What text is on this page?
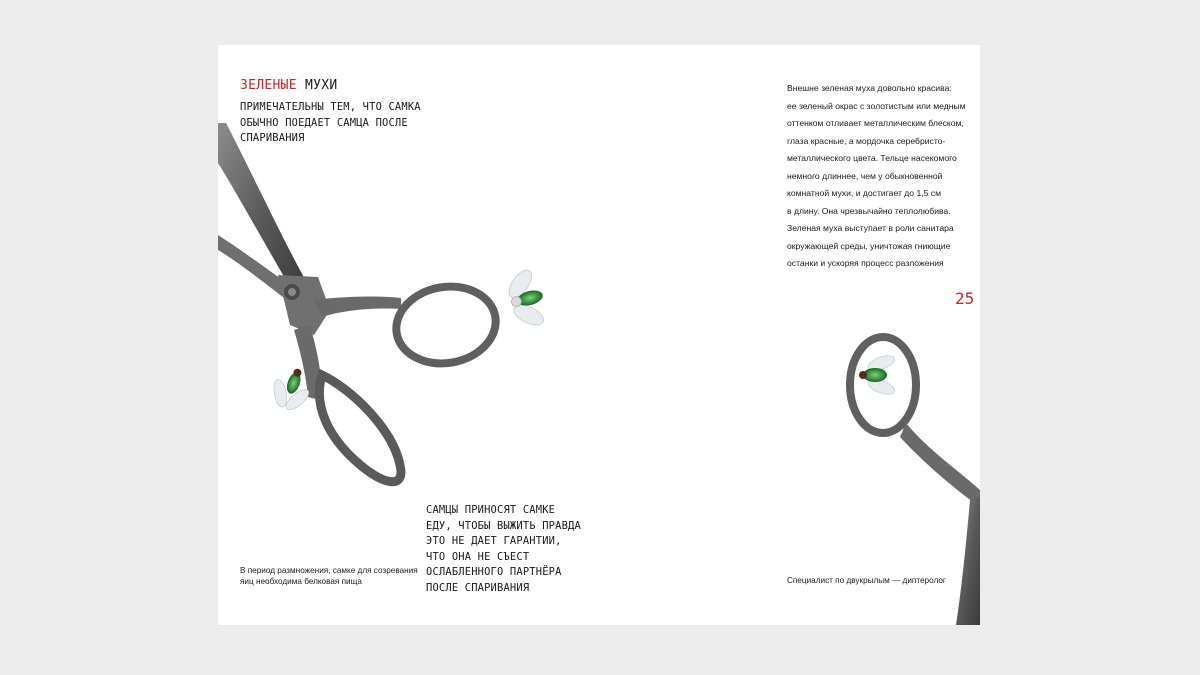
ЗЕЛЕНЫЕ МУХИ
ПРИМЕЧАТЕЛЬНЫ ТЕМ, ЧТО САМКА
ОБЫЧНО ПОЕДАЕТ САМЦА ПОСЛЕ
СПАРИВАНИЯ
САМЦЫ ПРИНОСЯТ САМКЕ
ЕДУ, ЧТОБЫ ВЫЖИТЬ ПРАВДА
ЭТО НЕ ДАЕТ ГАРАНТИИ,
ЧТО ОНА НЕ СЪЕСТ
ОСЛАБЛЕННОГО ПАРТНЁРА
ПОСЛЕ СПАРИВАНИЯ
В период размножения, самке для созревания
яиц необходима белковая пища
Внешне зеленая муха довольно красива:
ее зеленый окрас с золотистым или медным
оттенком отливает металлическим блеском,
глаза красные, а мордочка серебристо-
металлического цвета. Тельце насекомого
немного длиннее, чем у обыкновенной
комнатной мухи, и достигает до 1,5 см
в длину. Она чрезвычайно теплолюбива.
Зеленая муха выступает в роли санитара
окружающей среды, уничтожая гниющие
останки и ускоряя процесс разложения
25
Специалист по двукрылым — диптеролог
